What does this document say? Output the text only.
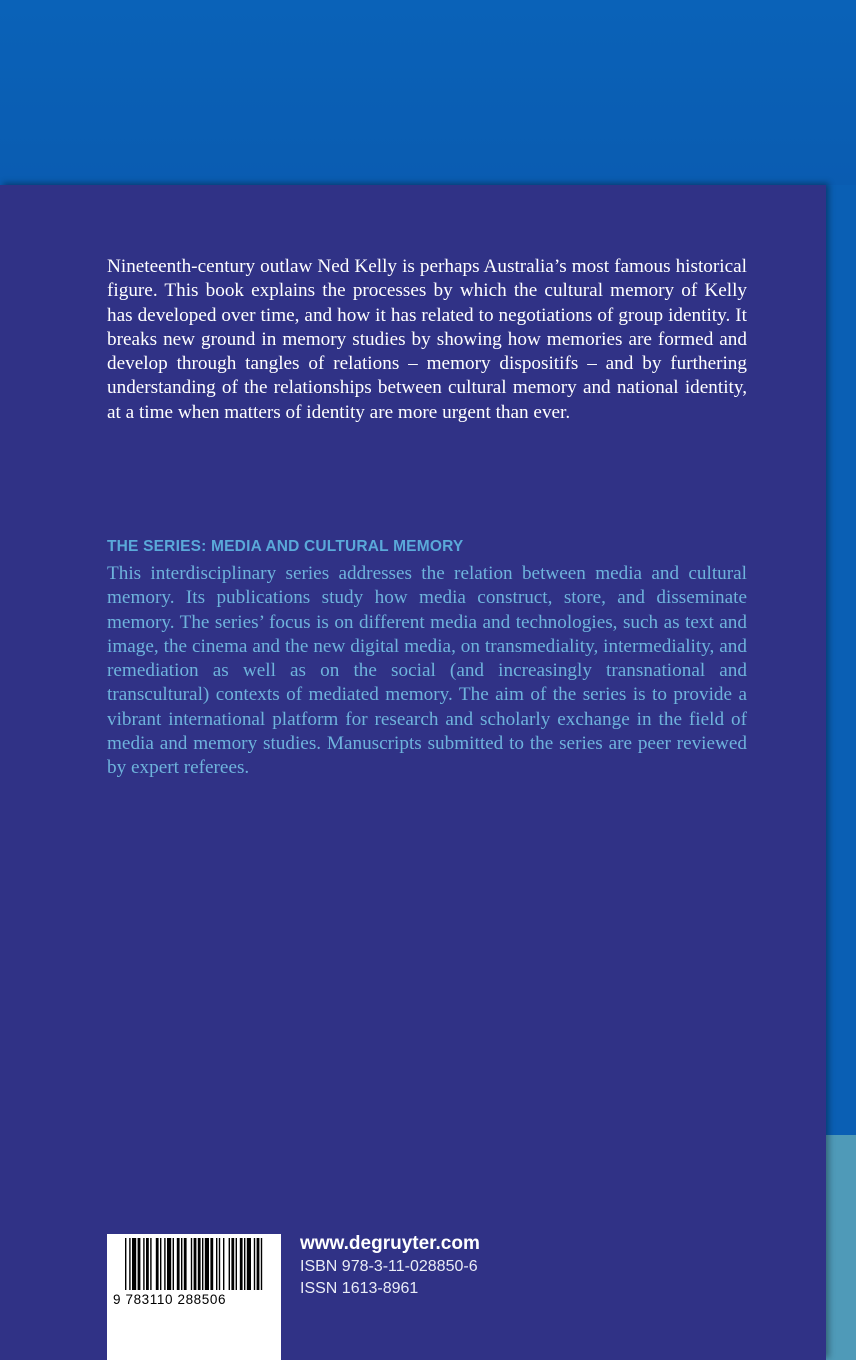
Nineteenth-century outlaw Ned Kelly is perhaps Australia’s most famous historical figure. This book explains the processes by which the cultural memory of Kelly has developed over time, and how it has related to negotiations of group identity. It breaks new ground in memory studies by showing how memories are formed and develop through tangles of relations – memory dispositifs – and by furthering understanding of the relationships between cultural memory and national identity, at a time when matters of identity are more urgent than ever.

THE SERIES: MEDIA AND CULTURAL MEMORY

This interdisciplinary series addresses the relation between media and cultural memory. Its publications study how media construct, store, and disseminate memory. The series’ focus is on different media and technologies, such as text and image, the cinema and the new digital media, on transmediality, intermediality, and remediation as well as on the social (and increasingly transnational and transcultural) contexts of mediated memory. The aim of the series is to provide a vibrant international platform for research and scholarly exchange in the field of media and memory studies. Manuscripts submitted to the series are peer reviewed by expert referees.

9 783110 288506
www.degruyter.com
ISBN 978-3-11-028850-6
ISSN 1613-8961
